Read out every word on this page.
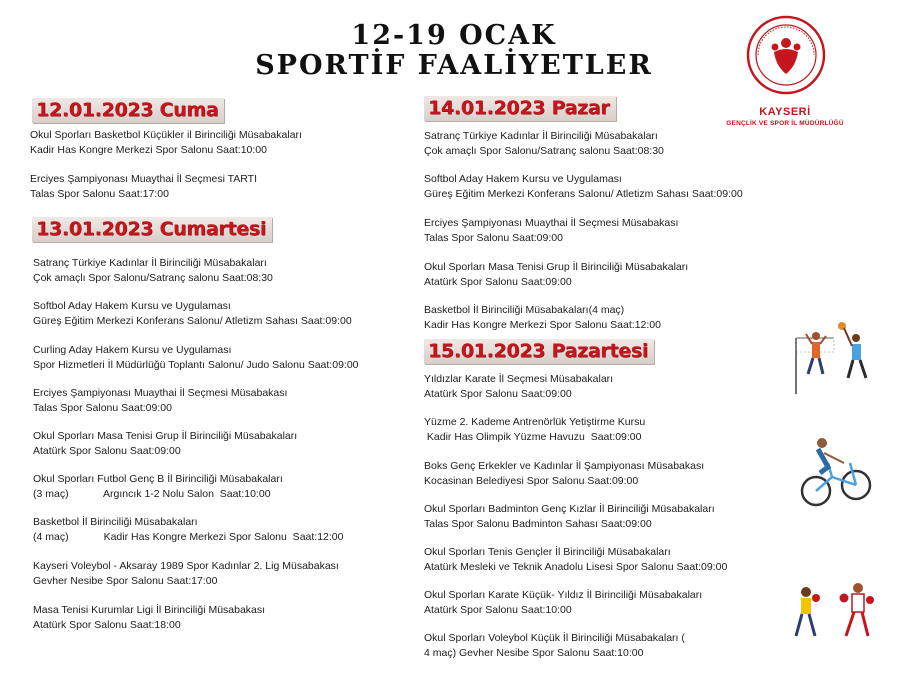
12-19 OCAK
SPORTİF FAALİYETLER
KAYSERİ
GENÇLİK VE SPOR İL MÜDÜRLÜĞÜ
12.01.2023 Cuma
13.01.2023 Cumartesi
14.01.2023 Pazar
15.01.2023 Pazartesi
Okul Sporları Basketbol Küçükler il Birinciliği Müsabakaları
Kadir Has Kongre Merkezi Spor Salonu Saat:10:00
Erciyes Şampiyonası Muaythai İl Seçmesi TARTI
Talas Spor Salonu Saat:17:00
Satranç Türkiye Kadınlar İl Birinciliği Müsabakaları
Çok amaçlı Spor Salonu/Satranç salonu Saat:08:30
Softbol Aday Hakem Kursu ve Uygulaması
Güreş Eğitim Merkezi Konferans Salonu/ Atletizm Sahası Saat:09:00
Curling Aday Hakem Kursu ve Uygulaması
Spor Hizmetleri İl Müdürlüğü Toplantı Salonu/ Judo Salonu Saat:09:00
Erciyes Şampiyonası Muaythai İl Seçmesi Müsabakası
Talas Spor Salonu Saat:09:00
Okul Sporları Masa Tenisi Grup İl Birinciliği Müsabakaları
Atatürk Spor Salonu Saat:09:00
Okul Sporları Futbol Genç B İl Birinciliği Müsabakaları
(3 maç)            Argıncık 1-2 Nolu Salon  Saat:10:00
Basketbol İl Birinciliği Müsabakaları
(4 maç)            Kadir Has Kongre Merkezi Spor Salonu  Saat:12:00
Kayseri Voleybol - Aksaray 1989 Spor Kadınlar 2. Lig Müsabakası
Gevher Nesibe Spor Salonu Saat:17:00
Masa Tenisi Kurumlar Ligi İl Birinciliği Müsabakası
Atatürk Spor Salonu Saat:18:00
Satranç Türkiye Kadınlar İl Birinciliği Müsabakaları
Çok amaçlı Spor Salonu/Satranç salonu Saat:08:30
Softbol Aday Hakem Kursu ve Uygulaması
Güreş Eğitim Merkezi Konferans Salonu/ Atletizm Sahası Saat:09:00
Erciyes Şampiyonası Muaythai İl Seçmesi Müsabakası
Talas Spor Salonu Saat:09:00
Okul Sporları Masa Tenisi Grup İl Birinciliği Müsabakaları
Atatürk Spor Salonu Saat:09:00
Basketbol İl Birinciliği Müsabakaları(4 maç)
Kadir Has Kongre Merkezi Spor Salonu Saat:12:00
Yıldızlar Karate İl Seçmesi Müsabakaları
Atatürk Spor Salonu Saat:09:00
Yüzme 2. Kademe Antrenörlük Yetiştirme Kursu
Kadir Has Olimpik Yüzme Havuzu  Saat:09:00
Boks Genç Erkekler ve Kadınlar İl Şampiyonası Müsabakası
Kocasinan Belediyesi Spor Salonu Saat:09:00
Okul Sporları Badminton Genç Kızlar İl Birinciliği Müsabakaları
Talas Spor Salonu Badminton Sahası Saat:09:00
Okul Sporları Tenis Gençler İl Birinciliği Müsabakaları
Atatürk Mesleki ve Teknik Anadolu Lisesi Spor Salonu Saat:09:00
Okul Sporları Karate Küçük- Yıldız İl Birinciliği Müsabakaları
Atatürk Spor Salonu Saat:10:00
Okul Sporları Voleybol Küçük İl Birinciliği Müsabakaları (
4 maç) Gevher Nesibe Spor Salonu Saat:10:00
